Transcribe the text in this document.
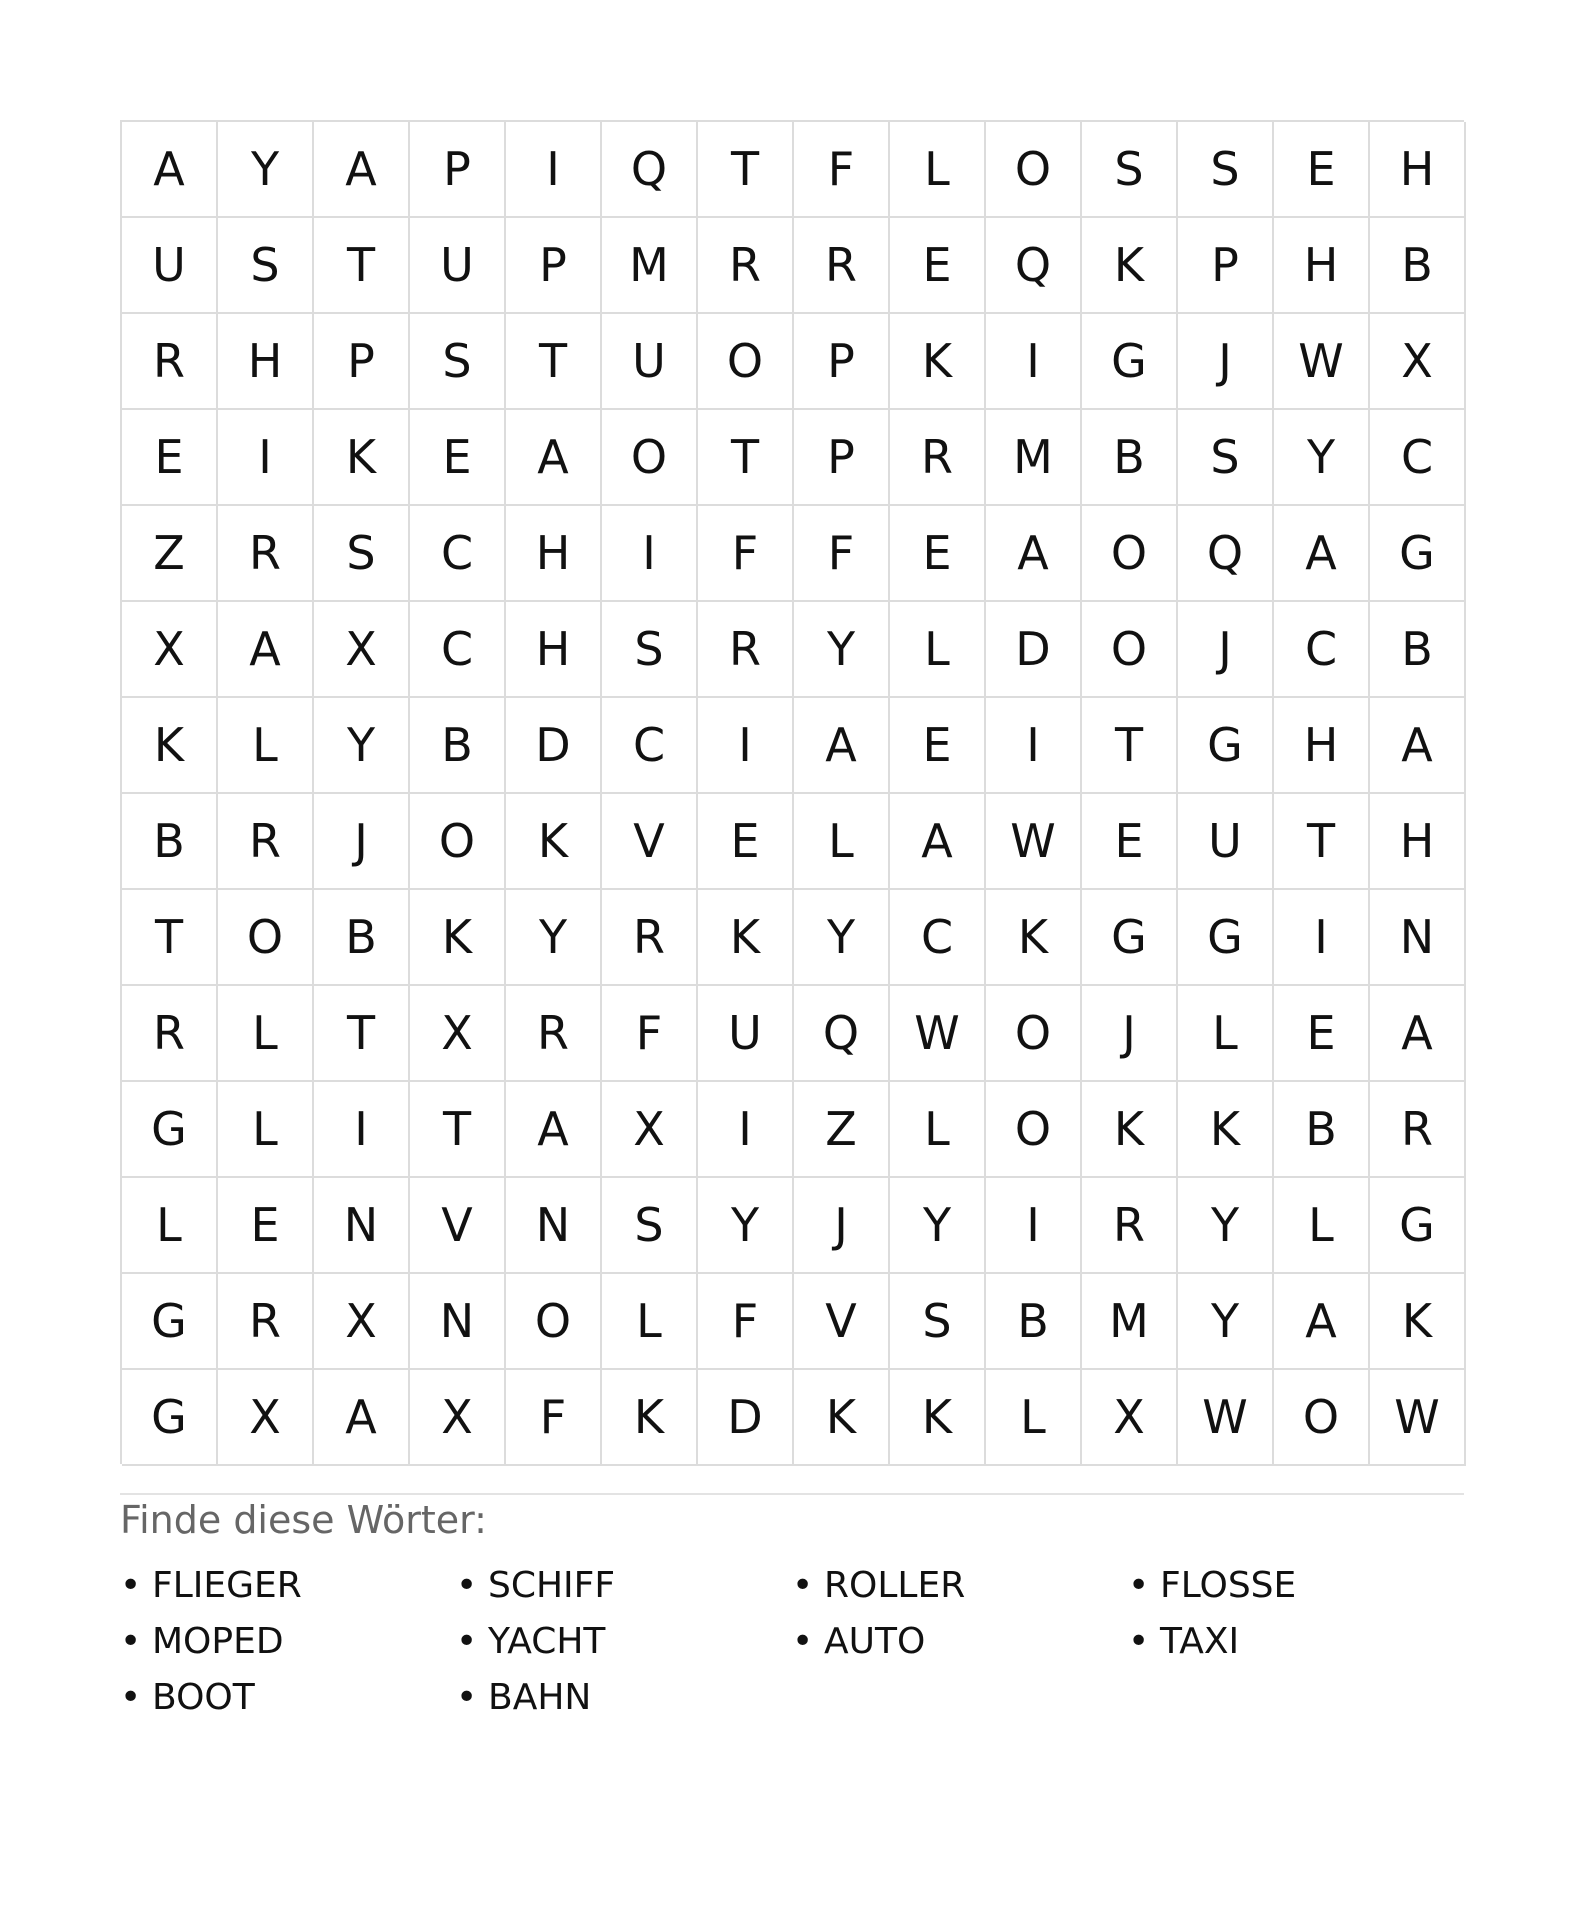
A	Y	A	P	I	Q	T	F	L	O	S	S	E	H
U	S	T	U	P	M	R	R	E	Q	K	P	H	B
R	H	P	S	T	U	O	P	K	I	G	J	W	X
E	I	K	E	A	O	T	P	R	M	B	S	Y	C
Z	R	S	C	H	I	F	F	E	A	O	Q	A	G
X	A	X	C	H	S	R	Y	L	D	O	J	C	B
K	L	Y	B	D	C	I	A	E	I	T	G	H	A
B	R	J	O	K	V	E	L	A	W	E	U	T	H
T	O	B	K	Y	R	K	Y	C	K	G	G	I	N
R	L	T	X	R	F	U	Q	W	O	J	L	E	A
G	L	I	T	A	X	I	Z	L	O	K	K	B	R
L	E	N	V	N	S	Y	J	Y	I	R	Y	L	G
G	R	X	N	O	L	F	V	S	B	M	Y	A	K
G	X	A	X	F	K	D	K	K	L	X	W	O	W
Finde diese Wörter:
• FLIEGER	• SCHIFF	• ROLLER	• FLOSSE
• MOPED	• YACHT	• AUTO	• TAXI
• BOOT	• BAHN
